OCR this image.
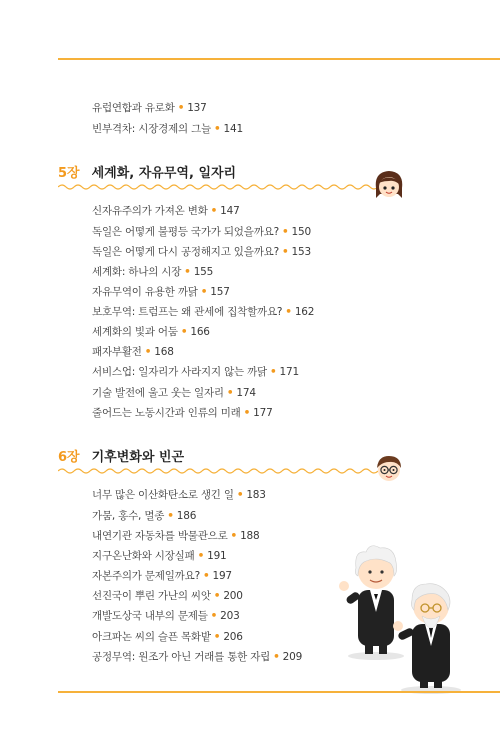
유럽연합과 유로화 • 137
빈부격차: 시장경제의 그늘 • 141
5장 세계화, 자유무역, 일자리
신자유주의가 가져온 변화 • 147
독일은 어떻게 불평등 국가가 되었을까요? • 150
독일은 어떻게 다시 공정해지고 있을까요? • 153
세계화: 하나의 시장 • 155
자유무역이 유용한 까닭 • 157
보호무역: 트럼프는 왜 관세에 집착할까요? • 162
세계화의 빛과 어둠 • 166
패자부활전 • 168
서비스업: 일자리가 사라지지 않는 까닭 • 171
기술 발전에 울고 웃는 일자리 • 174
줄어드는 노동시간과 인류의 미래 • 177
6장 기후변화와 빈곤
너무 많은 이산화탄소로 생긴 일 • 183
가뭄, 홍수, 멸종 • 186
내연기관 자동차를 박물관으로 • 188
지구온난화와 시장실패 • 191
자본주의가 문제일까요? • 197
선진국이 뿌린 가난의 씨앗 • 200
개발도상국 내부의 문제들 • 203
아크파논 씨의 슬픈 목화밭 • 206
공정무역: 원조가 아닌 거래를 통한 자립 • 209
